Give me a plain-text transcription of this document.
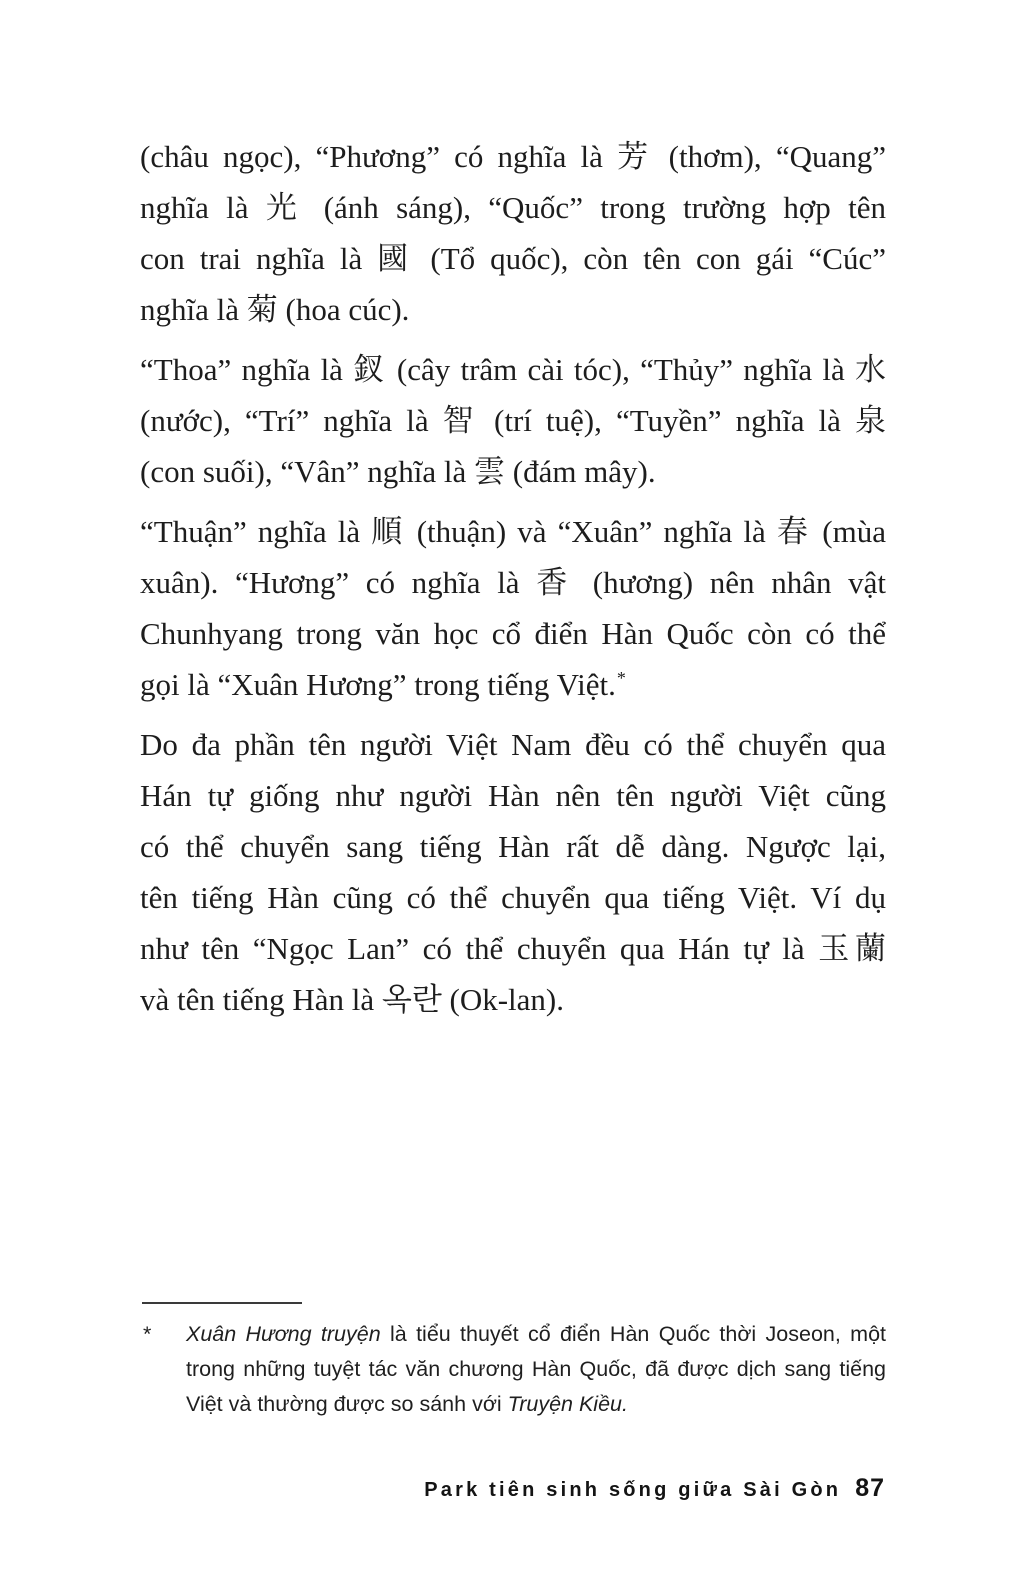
(châu ngọc), “Phương” có nghĩa là 芳 (thơm), “Quang”
nghĩa là 光 (ánh sáng), “Quốc” trong trường hợp tên
con trai nghĩa là 國 (Tổ quốc), còn tên con gái “Cúc”
nghĩa là 菊 (hoa cúc).
“Thoa” nghĩa là 釵 (cây trâm cài tóc), “Thủy” nghĩa là 水
(nước), “Trí” nghĩa là 智 (trí tuệ), “Tuyền” nghĩa là 泉
(con suối), “Vân” nghĩa là 雲 (đám mây).
“Thuận” nghĩa là 順 (thuận) và “Xuân” nghĩa là 春 (mùa
xuân). “Hương” có nghĩa là 香 (hương) nên nhân vật
Chunhyang trong văn học cổ điển Hàn Quốc còn có thể
gọi là “Xuân Hương” trong tiếng Việt.*
Do đa phần tên người Việt Nam đều có thể chuyển qua
Hán tự giống như người Hàn nên tên người Việt cũng
có thể chuyển sang tiếng Hàn rất dễ dàng. Ngược lại,
tên tiếng Hàn cũng có thể chuyển qua tiếng Việt. Ví dụ
như tên “Ngọc Lan” có thể chuyển qua Hán tự là 玉蘭
và tên tiếng Hàn là 옥란 (Ok-lan).
*	Xuân Hương truyện là tiểu thuyết cổ điển Hàn Quốc thời Joseon, một
trong những tuyệt tác văn chương Hàn Quốc, đã được dịch sang tiếng
Việt và thường được so sánh với Truyện Kiều.
Park tiên sinh sống giữa Sài Gòn 87
